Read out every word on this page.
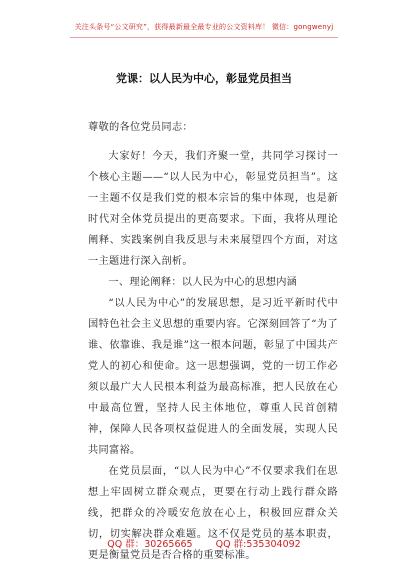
关注头条号“公文研究”，获得最新最全最专业的公文资料库！ 微信：gongwenyj
党课：以人民为中心，彰显党员担当

尊敬的各位党员同志：

大家好！今天，我们齐聚一堂，共同学习探讨一个核心主题——“以人民为中心，彰显党员担当”。这一主题不仅是我们党的根本宗旨的集中体现，也是新时代对全体党员提出的更高要求。下面，我将从理论阐释、实践案例自我反思与未来展望四个方面，对这一主题进行深入剖析。

一、理论阐释：以人民为中心的思想内涵

“以人民为中心”的发展思想，是习近平新时代中国特色社会主义思想的重要内容。它深刻回答了“为了谁、依靠谁、我是谁”这一根本问题，彰显了中国共产党人的初心和使命。这一思想强调，党的一切工作必须以最广大人民根本利益为最高标准，把人民放在心中最高位置，坚持人民主体地位，尊重人民首创精神，保障人民各项权益促进人的全面发展，实现人民共同富裕。

在党员层面，“以人民为中心”不仅要求我们在思想上牢固树立群众观点，更要在行动上践行群众路线，把群众的冷暖安危放在心上，积极回应群众关切，切实解决群众难题。这不仅是党员的基本职责，更是衡量党员是否合格的重要标准。

QQ 群：30265665 QQ 群:535304092
